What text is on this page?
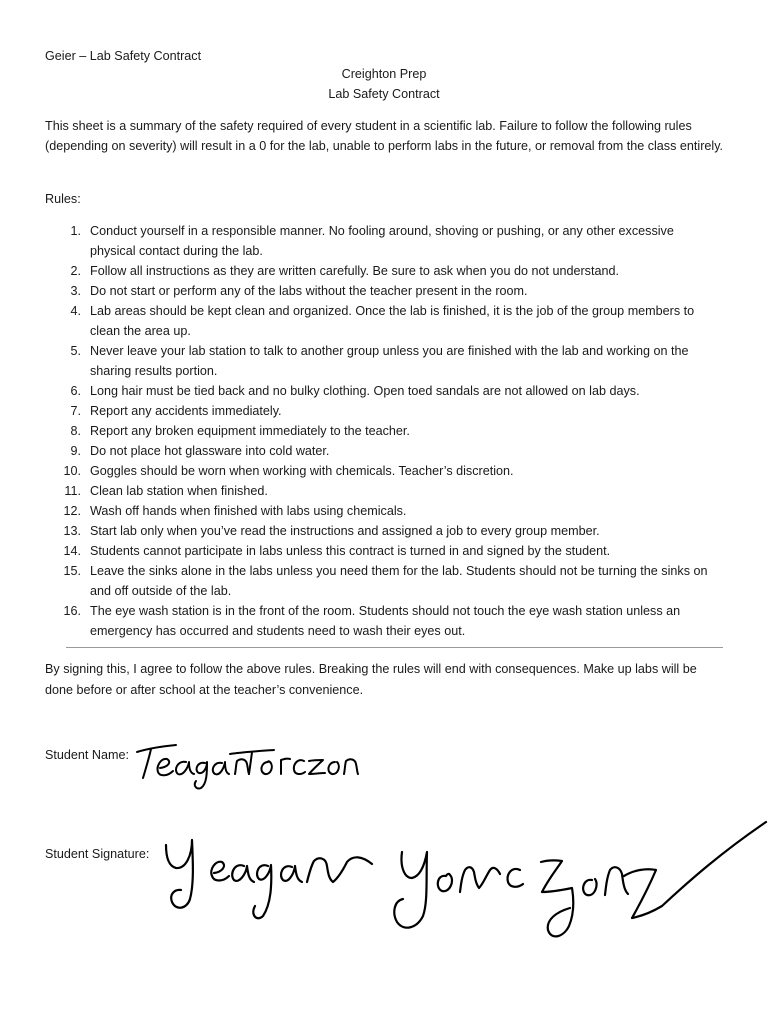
Geier – Lab Safety Contract
Creighton Prep
Lab Safety Contract
This sheet is a summary of the safety required of every student in a scientific lab. Failure to follow the following rules (depending on severity) will result in a 0 for the lab, unable to perform labs in the future, or removal from the class entirely.
Rules:
1. Conduct yourself in a responsible manner. No fooling around, shoving or pushing, or any other excessive physical contact during the lab.
2. Follow all instructions as they are written carefully. Be sure to ask when you do not understand.
3. Do not start or perform any of the labs without the teacher present in the room.
4. Lab areas should be kept clean and organized. Once the lab is finished, it is the job of the group members to clean the area up.
5. Never leave your lab station to talk to another group unless you are finished with the lab and working on the sharing results portion.
6. Long hair must be tied back and no bulky clothing. Open toed sandals are not allowed on lab days.
7. Report any accidents immediately.
8. Report any broken equipment immediately to the teacher.
9. Do not place hot glassware into cold water.
10. Goggles should be worn when working with chemicals. Teacher’s discretion.
11. Clean lab station when finished.
12. Wash off hands when finished with labs using chemicals.
13. Start lab only when you’ve read the instructions and assigned a job to every group member.
14. Students cannot participate in labs unless this contract is turned in and signed by the student.
15. Leave the sinks alone in the labs unless you need them for the lab. Students should not be turning the sinks on and off outside of the lab.
16. The eye wash station is in the front of the room. Students should not touch the eye wash station unless an emergency has occurred and students need to wash their eyes out.
By signing this, I agree to follow the above rules. Breaking the rules will end with consequences. Make up labs will be done before or after school at the teacher’s convenience.
Student Name:
Student Signature:
